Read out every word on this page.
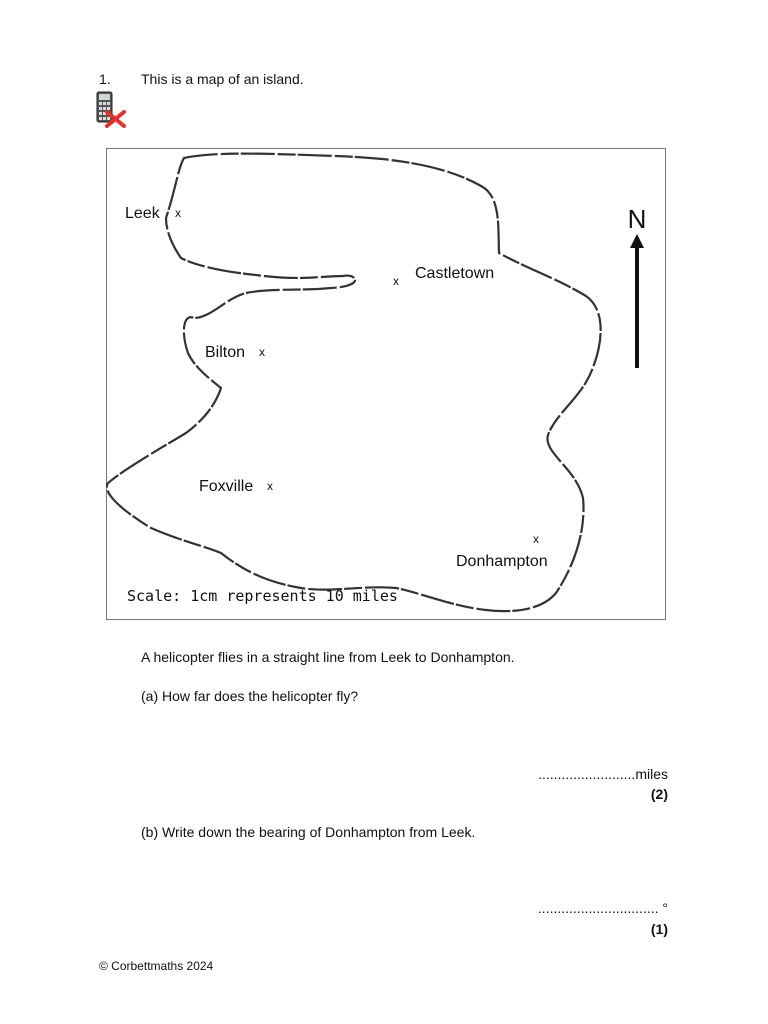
1. This is a map of an island.
Leek x
x Castletown
Bilton x
Foxville x
x
Donhampton
N
Scale: 1cm represents 10 miles
A helicopter flies in a straight line from Leek to Donhampton.
(a) How far does the helicopter fly?
.........................miles
(2)
(b) Write down the bearing of Donhampton from Leek.
............................... °
(1)
© Corbettmaths 2024
